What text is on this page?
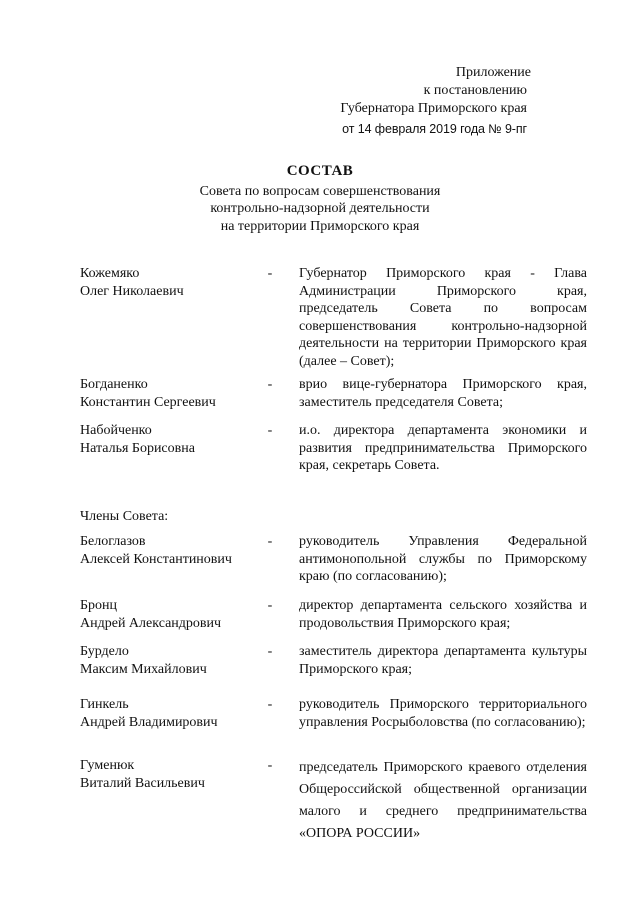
Приложение
к постановлению
Губернатора Приморского края
от 14 февраля 2019 года № 9-пг
СОСТАВ
Совета по вопросам совершенствования
контрольно-надзорной деятельности
на территории Приморского края
Кожемяко
Олег Николаевич
- Губернатор Приморского края - Глава Администрации Приморского края, председатель Совета по вопросам совершенствования контрольно-надзорной деятельности на территории Приморского края (далее – Совет);
Богданенко
Константин Сергеевич
- врио вице-губернатора Приморского края, заместитель председателя Совета;
Набойченко
Наталья Борисовна
- и.о. директора департамента экономики и развития предпринимательства Приморского края, секретарь Совета.
Члены Совета:
Белоглазов
Алексей Константинович
- руководитель Управления Федеральной антимонопольной службы по Приморскому краю (по согласованию);
Бронц
Андрей Александрович
- директор департамента сельского хозяйства и продовольствия Приморского края;
Бурдело
Максим Михайлович
- заместитель директора департамента культуры Приморского края;
Гинкель
Андрей Владимирович
- руководитель Приморского территориального управления Росрыболовства (по согласованию);
Гуменюк
Виталий Васильевич
- председатель Приморского краевого отделения Общероссийской общественной организации малого и среднего предпринимательства «ОПОРА РОССИИ»
